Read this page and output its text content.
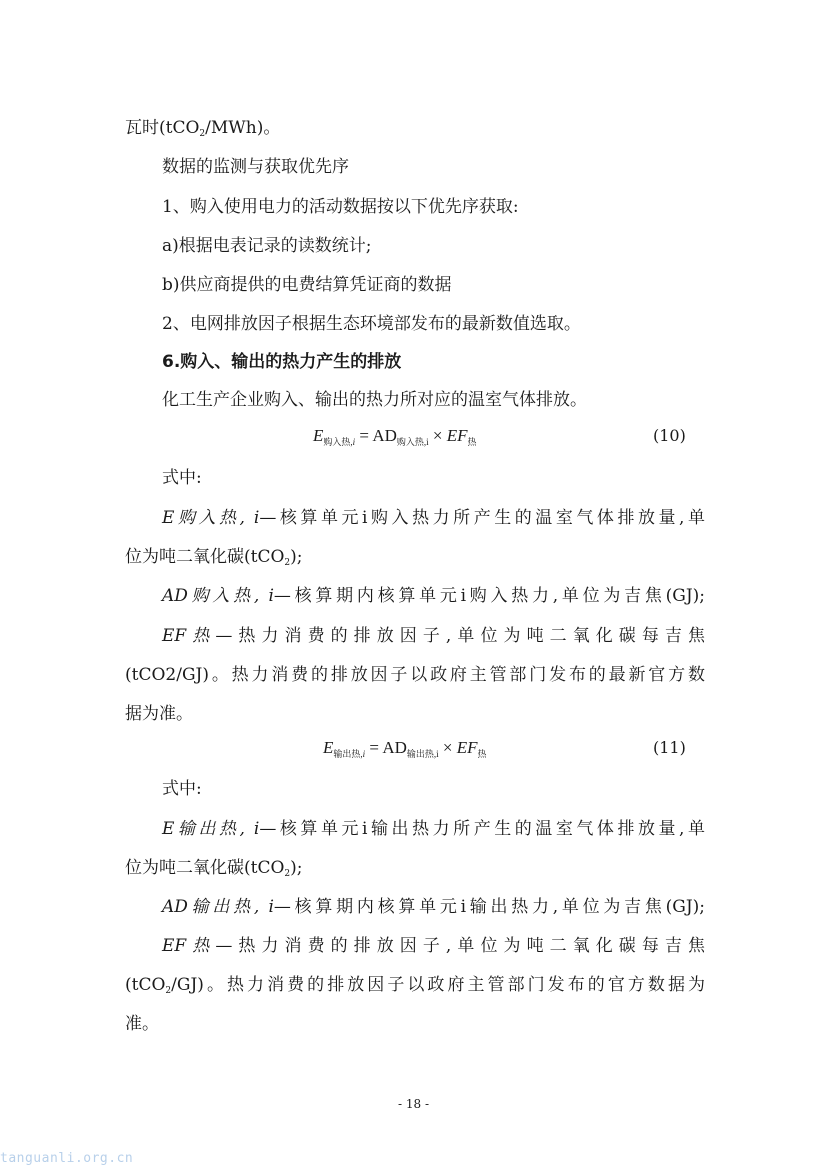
瓦时(tCO2/MWh)。
数据的监测与获取优先序
1、购入使用电力的活动数据按以下优先序获取:
a)根据电表记录的读数统计;
b)供应商提供的电费结算凭证商的数据
2、电网排放因子根据生态环境部发布的最新数值选取。
6.购入、输出的热力产生的排放
化工生产企业购入、输出的热力所对应的温室气体排放。
$E_{购入热,i} = AD_{购入热,i} \times EF_热$	(10)
式中:
E购入热, i—核算单元i购入热力所产生的温室气体排放量,单
位为吨二氧化碳(tCO2);
AD购入热, i—核算期内核算单元i购入热力,单位为吉焦(GJ);
EF热—热力消费的排放因子,单位为吨二氧化碳每吉焦
(tCO2/GJ)。热力消费的排放因子以政府主管部门发布的最新官方数
据为准。
$E_{输出热,i} = AD_{输出热,i} \times EF_热$	(11)
式中:
E输出热, i—核算单元i输出热力所产生的温室气体排放量,单
位为吨二氧化碳(tCO2);
AD输出热, i—核算期内核算单元i输出热力,单位为吉焦(GJ);
EF热—热力消费的排放因子,单位为吨二氧化碳每吉焦
(tCO2/GJ)。热力消费的排放因子以政府主管部门发布的官方数据为
准。
- 18 -
tanguanli.org.cn
